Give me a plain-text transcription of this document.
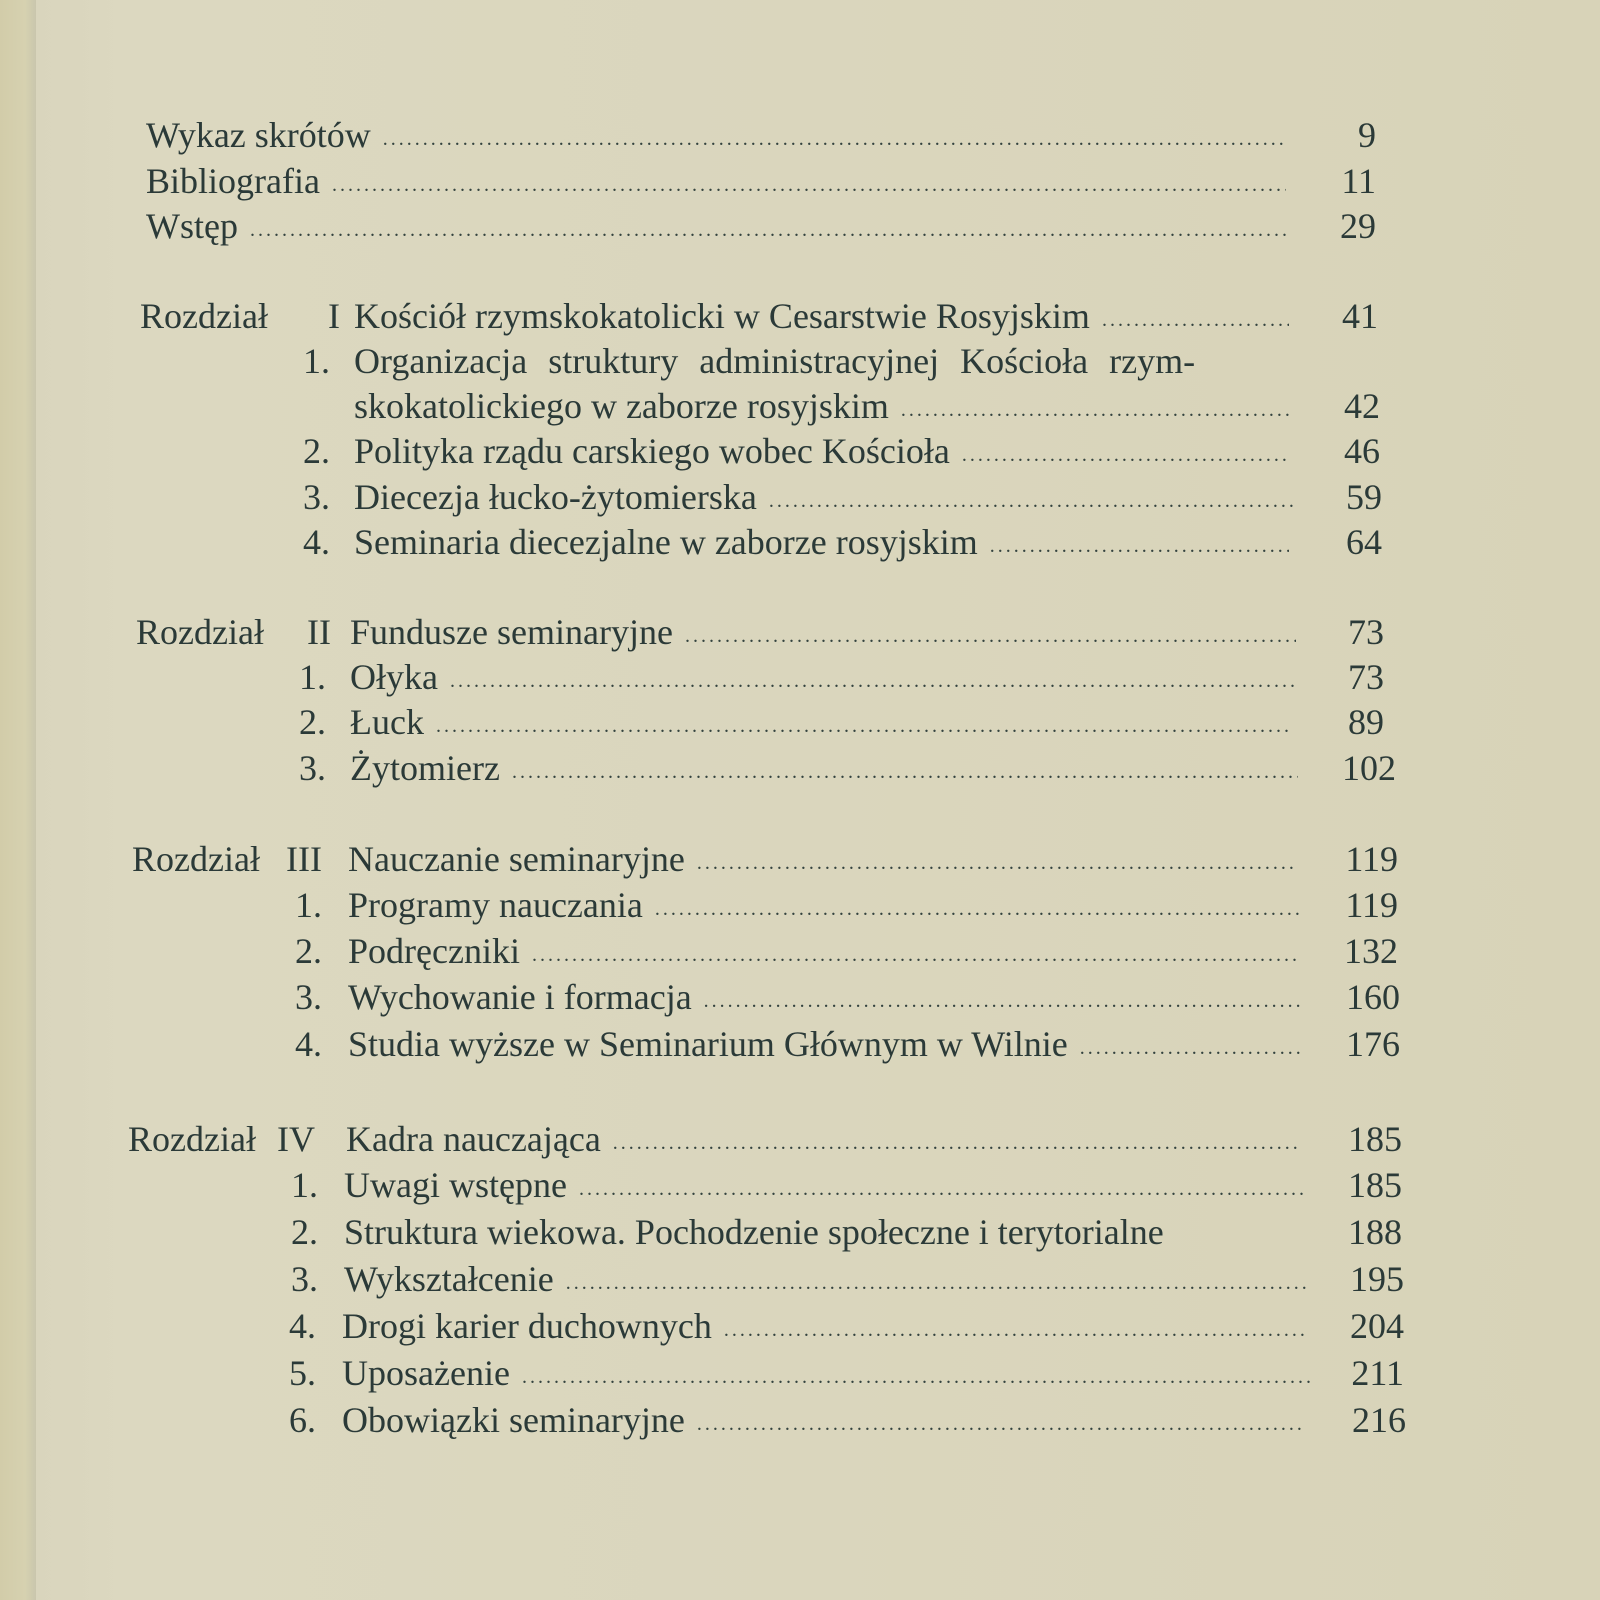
Wykaz skrótów .....	9
Bibliografia .....	11
Wstęp .....	29
Rozdział I Kościół rzymskokatolicki w Cesarstwie Rosyjskim .....	41
1. Organizacja struktury administracyjnej Kościoła rzym-
skokatolickiego w zaborze rosyjskim .....	42
2. Polityka rządu carskiego wobec Kościoła .....	46
3. Diecezja łucko-żytomierska .....	59
4. Seminaria diecezjalne w zaborze rosyjskim .....	64
Rozdział II Fundusze seminaryjne .....	73
1. Ołyka .....	73
2. Łuck .....	89
3. Żytomierz .....	102
Rozdział III Nauczanie seminaryjne .....	119
1. Programy nauczania .....	119
2. Podręczniki .....	132
3. Wychowanie i formacja .....	160
4. Studia wyższe w Seminarium Głównym w Wilnie .....	176
Rozdział IV Kadra nauczająca .....	185
1. Uwagi wstępne .....	185
2. Struktura wiekowa. Pochodzenie społeczne i terytorialne	188
3. Wykształcenie .....	195
4. Drogi karier duchownych .....	204
5. Uposażenie .....	211
6. Obowiązki seminaryjne .....	216
